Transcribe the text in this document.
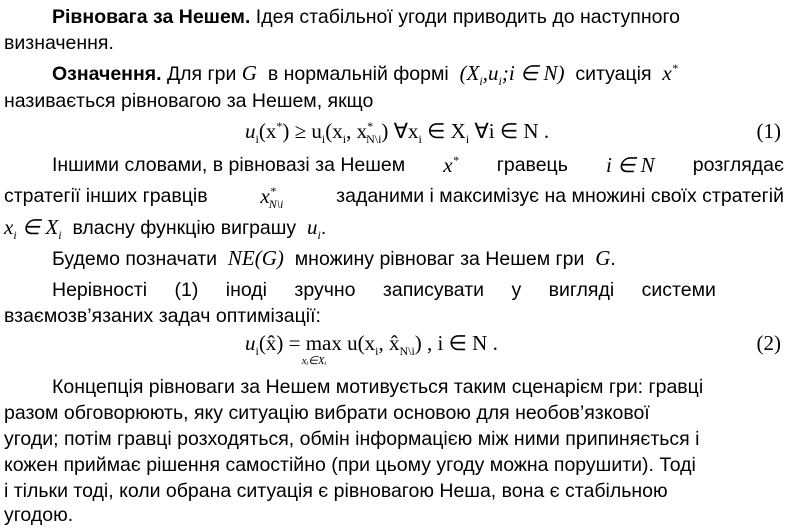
Рівновага за Нешем. Ідея стабільної угоди приводить до наступного
визначення.
Означення. Для гри G в нормальній формі ($X_i,u_i;i$ ∈ N) ситуація x*
називається рівновагою за Нешем, якщо
$u_i(x^*) \ge u_i(x_i$, $x^*_{N\backslash i}$) $\forall x_i$ ∈ $X_i$ ∀i ∈ N .	(1)
Іншими словами, в рівновазі за Нешем x* гравець i ∈ N розглядає
стратегії інших гравців	$x^*_{N\backslash i}$	заданими і максимізує на множині своїх стратегій
$x_i$ ∈ $X_i$ власну функцію виграшу $u_i$.
Будемо позначати NE(G) множину рівноваг за Нешем гри G.
Нерівності (1) іноді зручно записувати у вигляді системи
взаємозв’язаних задач оптимізації:
$u_i(x̂) = \max$
xᵢ∈Xᵢ
$u(x_i$, $x̂_{N\backslash i}$) , i ∈ N .	(2)
Концепція рівноваги за Нешем мотивується таким сценарієм гри: гравці
разом обговорюють, яку ситуацію вибрати основою для необов’язкової
угоди; потім гравці розходяться, обмін інформацією між ними припиняється і
кожен приймає рішення самостійно (при цьому угоду можна порушити). Тоді
і тільки тоді, коли обрана ситуація є рівновагою Неша, вона є стабільною
угодою.
